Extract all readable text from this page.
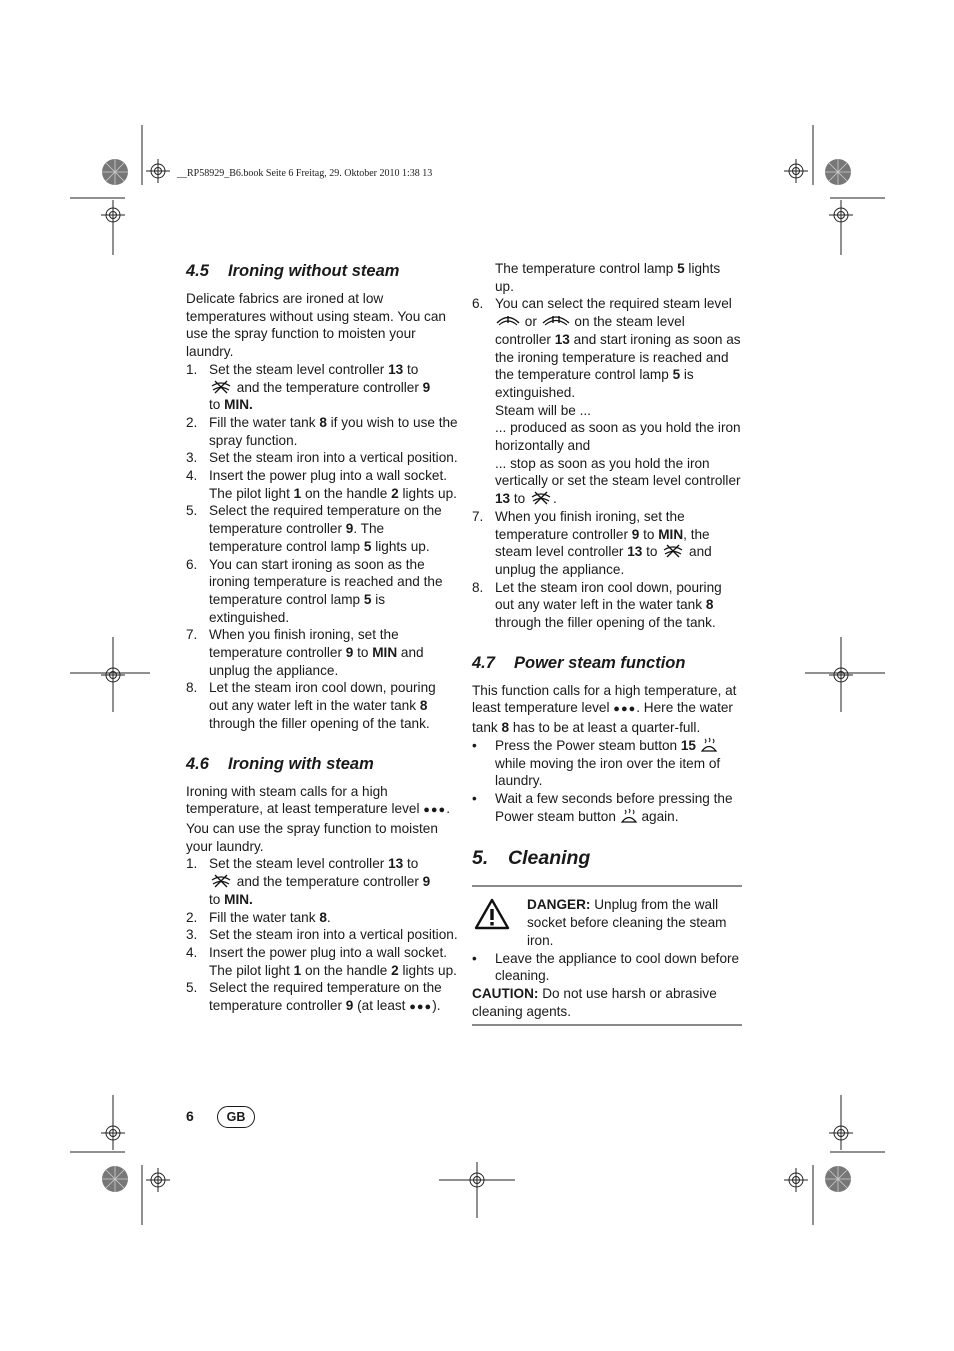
__RP58929_B6.book Seite 6 Freitag, 29. Oktober 2010 1:38 13
4.5 Ironing without steam

Delicate fabrics are ironed at low temperatures without using steam. You can use the spray function to moisten your laundry.

1. Set the steam level controller 13 to
and the temperature controller 9
to MIN.
2. Fill the water tank 8 if you wish to use the spray function.
3. Set the steam iron into a vertical position.
4. Insert the power plug into a wall socket. The pilot light 1 on the handle 2 lights up.
5. Select the required temperature on the temperature controller 9. The temperature control lamp 5 lights up.
6. You can start ironing as soon as the ironing temperature is reached and the temperature control lamp 5 is extinguished.
7. When you finish ironing, set the temperature controller 9 to MIN and unplug the appliance.
8. Let the steam iron cool down, pouring out any water left in the water tank 8 through the filler opening of the tank.
4.6 Ironing with steam

Ironing with steam calls for a high temperature, at least temperature level ●●●. You can use the spray function to moisten your laundry.

1. Set the steam level controller 13 to
and the temperature controller 9
to MIN.
2. Fill the water tank 8.
3. Set the steam iron into a vertical position.
4. Insert the power plug into a wall socket. The pilot light 1 on the handle 2 lights up.
5. Select the required temperature on the temperature controller 9 (at least ●●●).

The temperature control lamp 5 lights up.

6. You can select the required steam level
or  on the steam level controller 13 and start ironing as soon as the ironing temperature is reached and the temperature control lamp 5 is extinguished.
Steam will be ...
... produced as soon as you hold the iron horizontally and
... stop as soon as you hold the iron vertically or set the steam level controller 13 to .
7. When you finish ironing, set the temperature controller 9 to MIN, the steam level controller 13 to  and unplug the appliance.
8. Let the steam iron cool down, pouring out any water left in the water tank 8 through the filler opening of the tank.
4.7 Power steam function

This function calls for a high temperature, at least temperature level ●●●. Here the water tank 8 has to be at least a quarter-full.

• Press the Power steam button 15
while moving the iron over the item of laundry.
• Wait a few seconds before pressing the Power steam button  again.
5. Cleaning
DANGER: Unplug from the wall socket before cleaning the steam iron.
• Leave the appliance to cool down before cleaning.

CAUTION: Do not use harsh or abrasive cleaning agents.

6	GB
